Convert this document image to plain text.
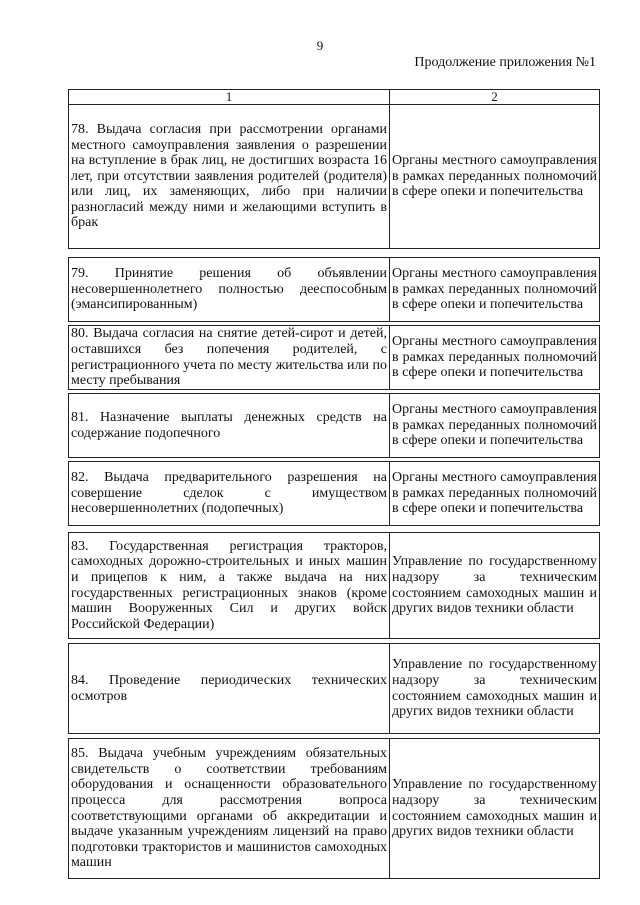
9
Продолжение приложения №1
1	2
78. Выдача согласия при рассмотрении органами местного самоуправления заявления о разрешении на вступление в брак лиц, не достигших возраста 16 лет, при отсутствии заявления родителей (родителя) или лиц, их заменяющих, либо при наличии разногласий между ними и желающими вступить в брак	Органы местного самоуправления в рамках переданных полномочий в сфере опеки и попечительства

79. Принятие решения об объявлении несовершеннолетнего полностью дееспособным (эмансипированным)	Органы местного самоуправления в рамках переданных полномочий в сфере опеки и попечительства

80. Выдача согласия на снятие детей-сирот и детей, оставшихся без попечения родителей, с регистрационного учета по месту жительства или по месту пребывания	Органы местного самоуправления в рамках переданных полномочий в сфере опеки и попечительства

81. Назначение выплаты денежных средств на содержание подопечного	Органы местного самоуправления в рамках переданных полномочий в сфере опеки и попечительства

82. Выдача предварительного разрешения на совершение сделок с имуществом несовершеннолетних (подопечных)	Органы местного самоуправления в рамках переданных полномочий в сфере опеки и попечительства

83. Государственная регистрация тракторов, самоходных дорожно-строительных и иных машин и прицепов к ним, а также выдача на них государственных регистрационных знаков (кроме машин Вооруженных Сил и других войск Российской Федерации)	Управление по государственному надзору за техническим состоянием самоходных машин и других видов техники области

84. Проведение периодических технических осмотров	Управление по государственному надзору за техническим состоянием самоходных машин и других видов техники области

85. Выдача учебным учреждениям обязательных свидетельств о соответствии требованиям оборудования и оснащенности образовательного процесса для рассмотрения вопроса соответствующими органами об аккредитации и выдаче указанным учреждениям лицензий на право подготовки трактористов и машинистов самоходных машин	Управление по государственному надзору за техническим состоянием самоходных машин и других видов техники области
